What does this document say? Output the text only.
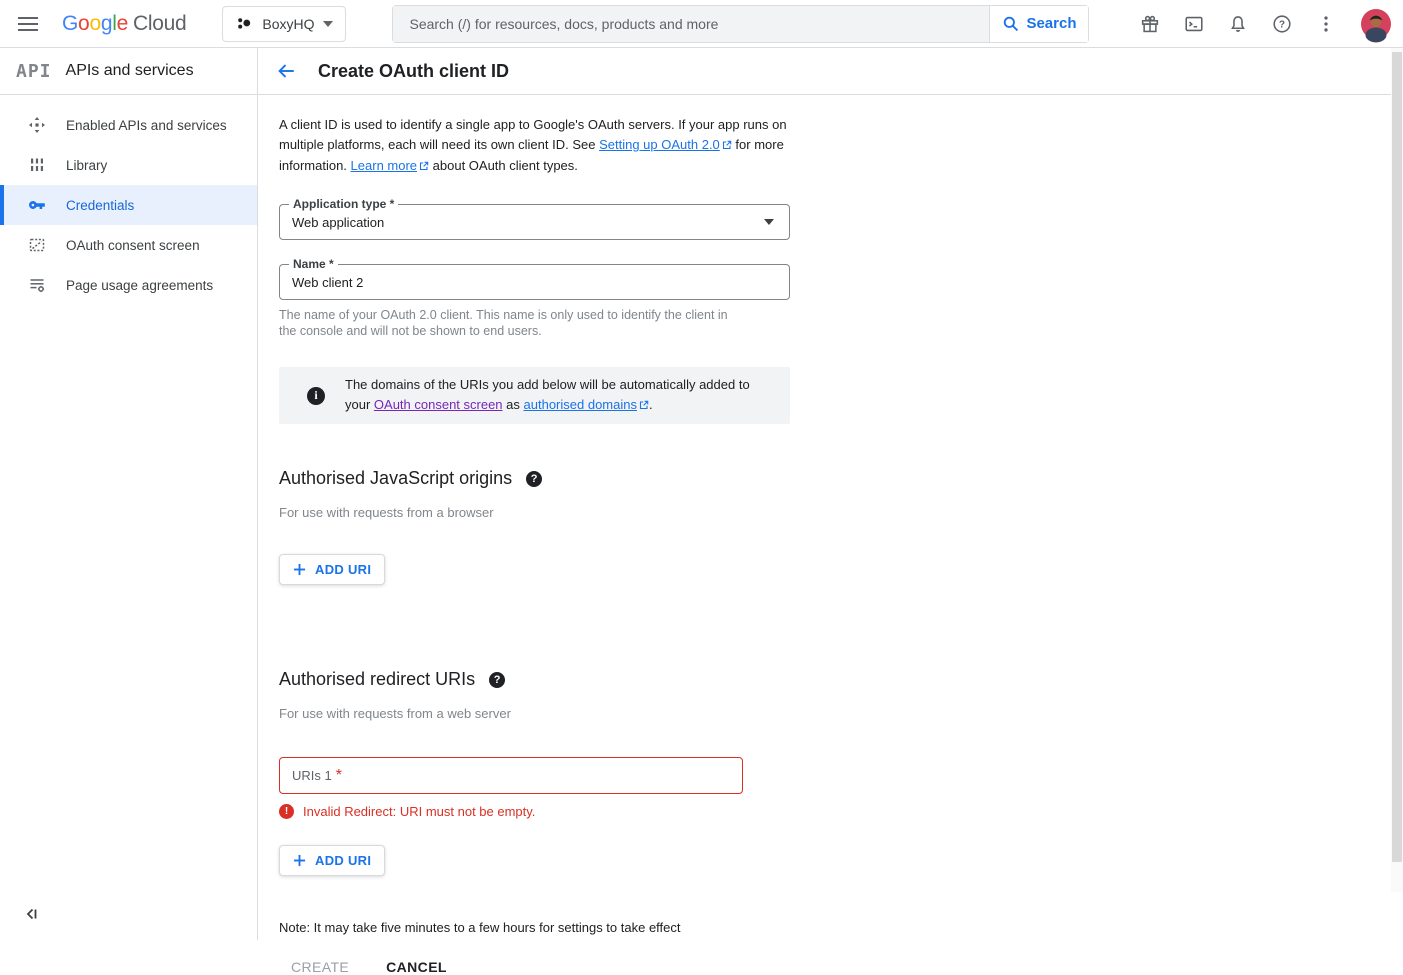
G o o g l e Cloud	BoxyHQ
Search (/) for resources, docs, products and more	Search	?
API APIs and services
Enabled APIs and services
Library
Credentials
OAuth consent screen
Page usage agreements
Create OAuth client ID

A client ID is used to identify a single app to Google's OAuth servers. If your app runs on multiple platforms, each will need its own client ID. See Setting up OAuth 2.0 for more information. Learn more about OAuth client types.

Application type *
Web application
Name *
Web client 2

The name of your OAuth 2.0 client. This name is only used to identify the client in the console and will not be shown to end users.

i
The domains of the URIs you add below will be automatically added to your OAuth consent screen as authorised domains .
Authorised JavaScript origins	?

For use with requests from a browser

ADD URI
Authorised redirect URIs	?

For use with requests from a web server

URIs 1 *
!	Invalid Redirect: URI must not be empty.
ADD URI

Note: It may take five minutes to a few hours for settings to take effect

CREATE	CANCEL
